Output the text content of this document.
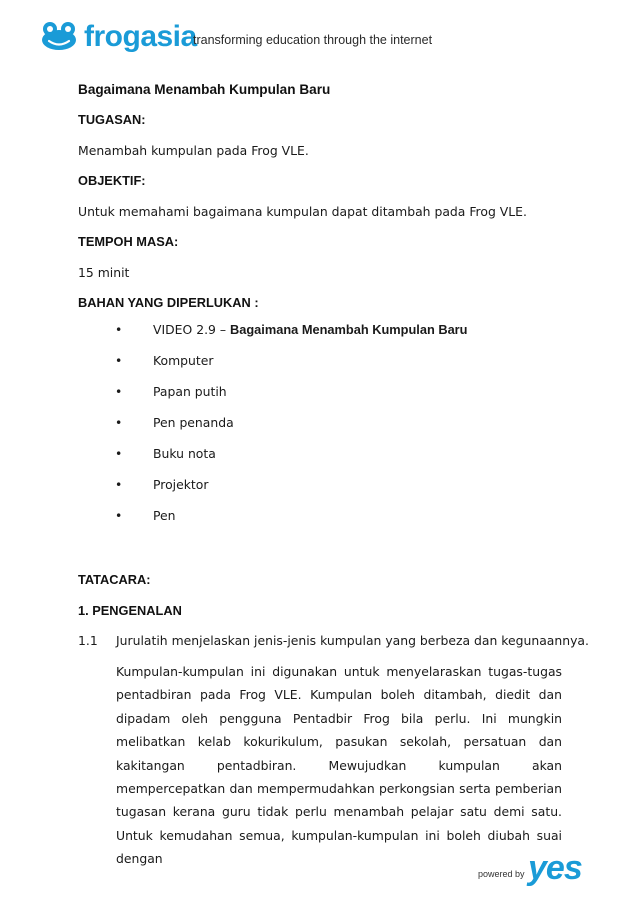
frogasia
transforming education through the internet
Bagaimana Menambah Kumpulan Baru
TUGASAN:
Menambah kumpulan pada Frog VLE.
OBJEKTIF:
Untuk memahami bagaimana kumpulan dapat ditambah pada Frog VLE.
TEMPOH MASA:
15 minit
BAHAN YANG DIPERLUKAN :
• VIDEO 2.9 – Bagaimana Menambah Kumpulan Baru
• Komputer
• Papan putih
• Pen penanda
• Buku nota
• Projektor
• Pen
TATACARA:
1. PENGENALAN
1.1 Jurulatih menjelaskan jenis-jenis kumpulan yang berbeza dan kegunaannya.
Kumpulan-kumpulan ini digunakan untuk menyelaraskan tugas-tugas pentadbiran pada Frog VLE. Kumpulan boleh ditambah, diedit dan dipadam oleh pengguna Pentadbir Frog bila perlu. Ini mungkin melibatkan kelab kokurikulum, pasukan sekolah, persatuan dan kakitangan pentadbiran. Mewujudkan kumpulan akan mempercepatkan dan mempermudahkan perkongsian serta pemberian tugasan kerana guru tidak perlu menambah pelajar satu demi satu. Untuk kemudahan semua, kumpulan-kumpulan ini boleh diubah suai dengan
powered by yes
